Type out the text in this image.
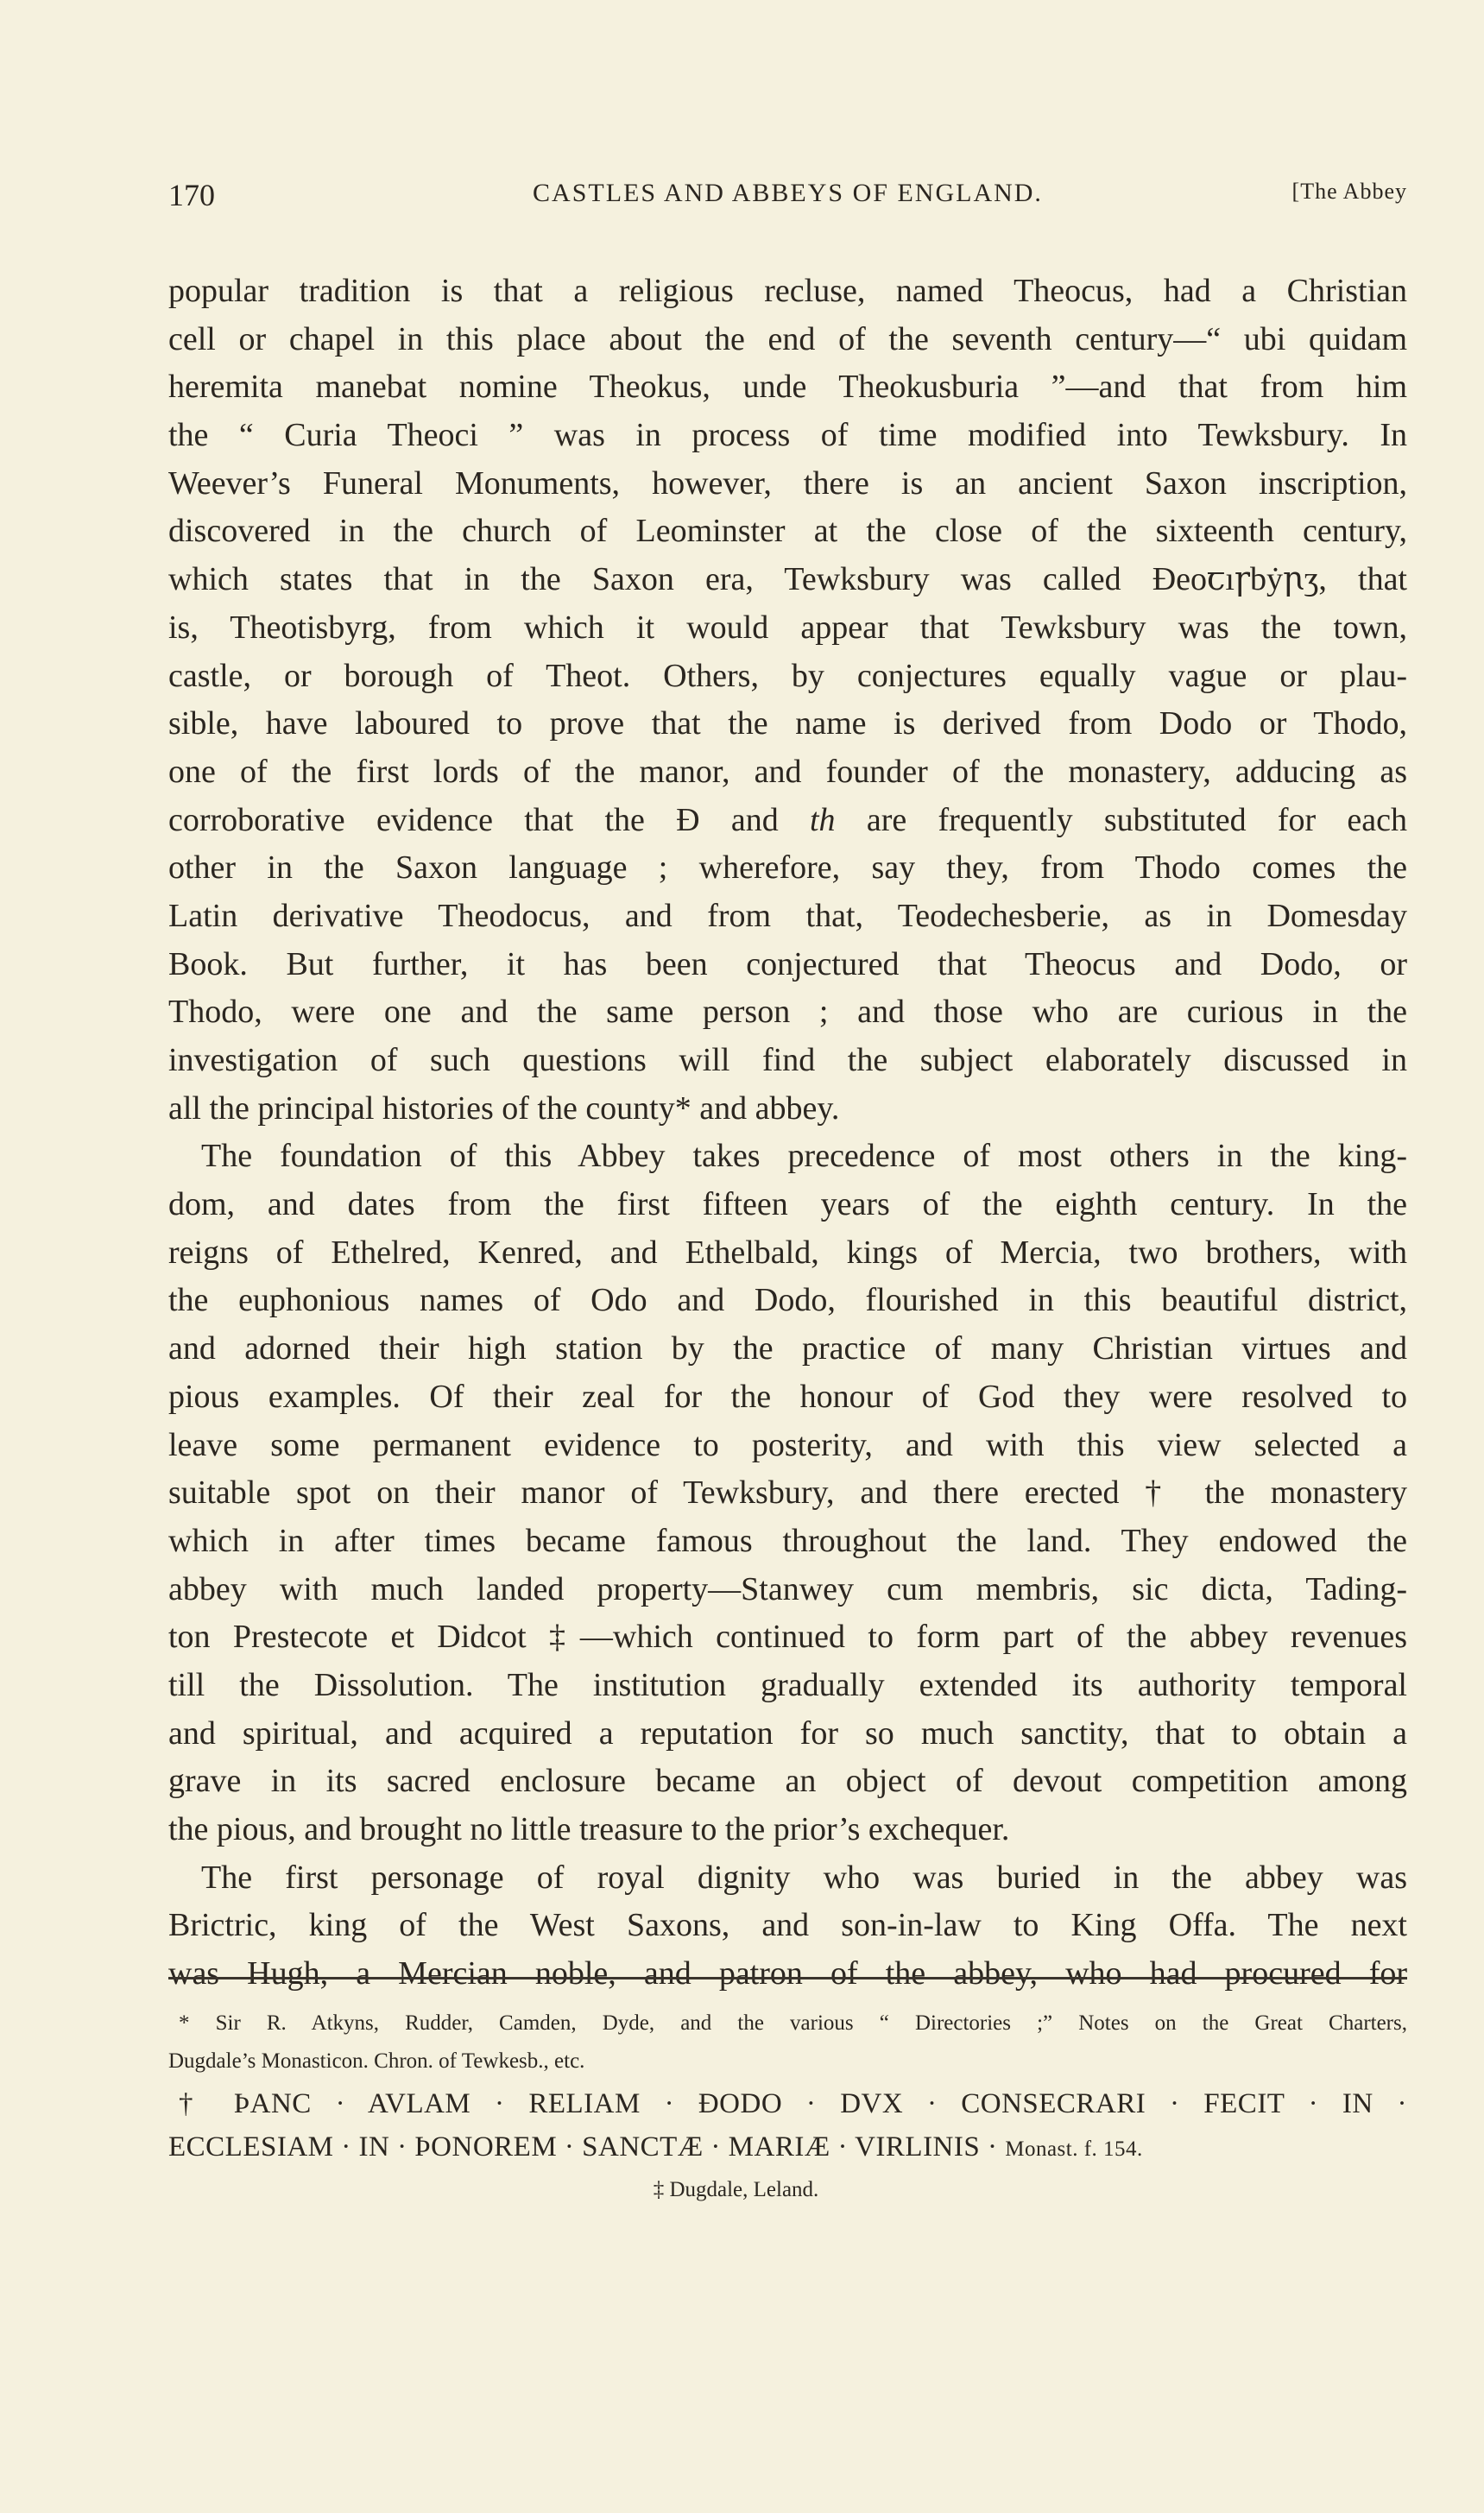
170	CASTLES AND ABBEYS OF ENGLAND.	[The Abbey
popular tradition is that a religious recluse, named Theocus, had a Christian
cell or chapel in this place about the end of the seventh century—“ ubi quidam
heremita manebat nomine Theokus, unde Theokusburia ”—and that from him
the “ Curia Theoci ” was in process of time modified into Tewksbury. In
Weever’s Funeral Monuments, however, there is an ancient Saxon inscription,
discovered in the church of Leominster at the close of the sixteenth century,
which states that in the Saxon era, Tewksbury was called Ðeoꞇıꞅbẏꞃʒ, that
is, Theotisbyrg, from which it would appear that Tewksbury was the town,
castle, or borough of Theot. Others, by conjectures equally vague or plau-
sible, have laboured to prove that the name is derived from Dodo or Thodo,
one of the first lords of the manor, and founder of the monastery, adducing as
corroborative evidence that the Ð and th are frequently substituted for each
other in the Saxon language ; wherefore, say they, from Thodo comes the
Latin derivative Theodocus, and from that, Teodechesberie, as in Domesday
Book. But further, it has been conjectured that Theocus and Dodo, or
Thodo, were one and the same person ; and those who are curious in the
investigation of such questions will find the subject elaborately discussed in
all the principal histories of the county* and abbey.
The foundation of this Abbey takes precedence of most others in the king-
dom, and dates from the first fifteen years of the eighth century. In the
reigns of Ethelred, Kenred, and Ethelbald, kings of Mercia, two brothers, with
the euphonious names of Odo and Dodo, flourished in this beautiful district,
and adorned their high station by the practice of many Christian virtues and
pious examples. Of their zeal for the honour of God they were resolved to
leave some permanent evidence to posterity, and with this view selected a
suitable spot on their manor of Tewksbury, and there erected † the monastery
which in after times became famous throughout the land. They endowed the
abbey with much landed property—Stanwey cum membris, sic dicta, Tading-
ton Prestecote et Didcot ‡—which continued to form part of the abbey revenues
till the Dissolution. The institution gradually extended its authority temporal
and spiritual, and acquired a reputation for so much sanctity, that to obtain a
grave in its sacred enclosure became an object of devout competition among
the pious, and brought no little treasure to the prior’s exchequer.
The first personage of royal dignity who was buried in the abbey was
Brictric, king of the West Saxons, and son-in-law to King Offa. The next
was Hugh, a Mercian noble, and patron of the abbey, who had procured for
* Sir R. Atkyns, Rudder, Camden, Dyde, and the various “ Directories ;” Notes on the Great Charters,
Dugdale’s Monasticon. Chron. of Tewkesb., etc.
† ÞANC · AVLAM · RELIAM · ÐODO · DVX · CONSECRARI · FECIT · IN ·
ECCLESIAM · IN · ÞONOREM · SANCTÆ · MARIÆ · VIRLINIS · Monast. f. 154.
‡ Dugdale, Leland.
